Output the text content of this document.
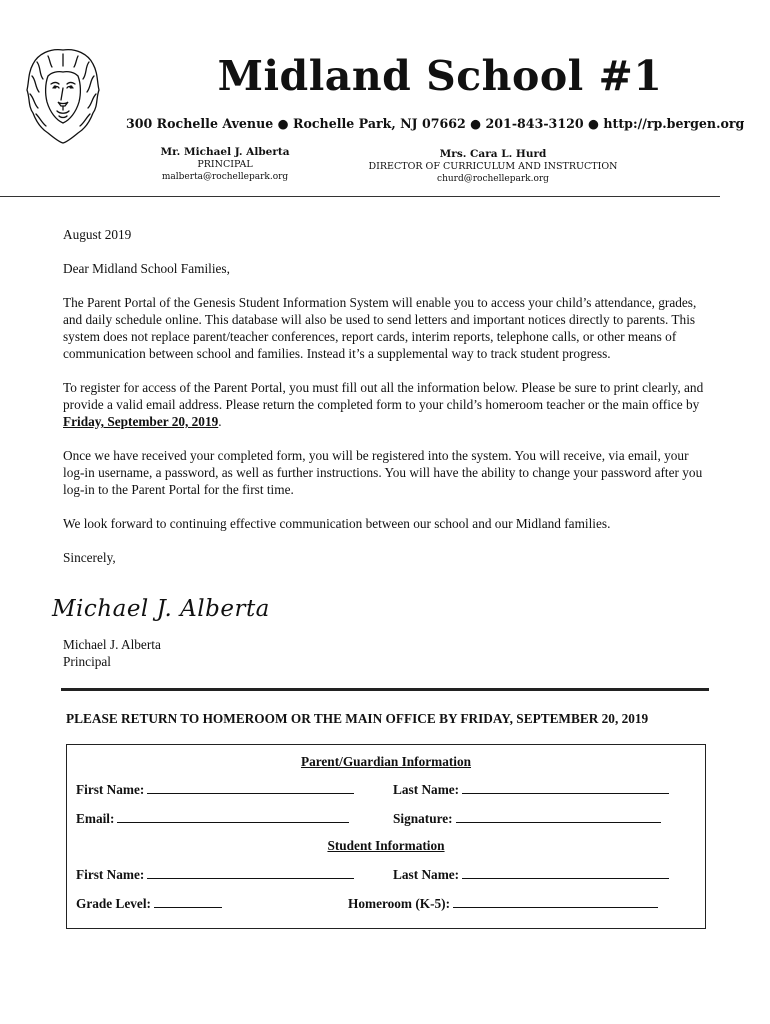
Midland School #1
300 Rochelle Avenue ● Rochelle Park, NJ 07662 ● 201-843-3120 ● http://rp.bergen.org
Mr. Michael J. Alberta
PRINCIPAL
malberta@rochellepark.org
Mrs. Cara L. Hurd
DIRECTOR OF CURRICULUM AND INSTRUCTION
churd@rochellepark.org

August 2019

Dear Midland School Families,

The Parent Portal of the Genesis Student Information System will enable you to access your child’s attendance, grades, and daily schedule online. This database will also be used to send letters and important notices directly to parents. This system does not replace parent/teacher conferences, report cards, interim reports, telephone calls, or other means of communication between school and families. Instead it’s a supplemental way to track student progress.

To register for access of the Parent Portal, you must fill out all the information below. Please be sure to print clearly, and provide a valid email address. Please return the completed form to your child’s homeroom teacher or the main office by Friday, September 20, 2019.

Once we have received your completed form, you will be registered into the system. You will receive, via email, your log-in username, a password, as well as further instructions. You will have the ability to change your password after you log-in to the Parent Portal for the first time.

We look forward to continuing effective communication between our school and our Midland families.

Sincerely,

Michael J. Alberta
Michael J. Alberta
Principal
PLEASE RETURN TO HOMEROOM OR THE MAIN OFFICE BY FRIDAY, SEPTEMBER 20, 2019
Parent/Guardian Information
First Name:	Last Name:
Email:	Signature:
Student Information
First Name:	Last Name:
Grade Level:	Homeroom (K-5):
